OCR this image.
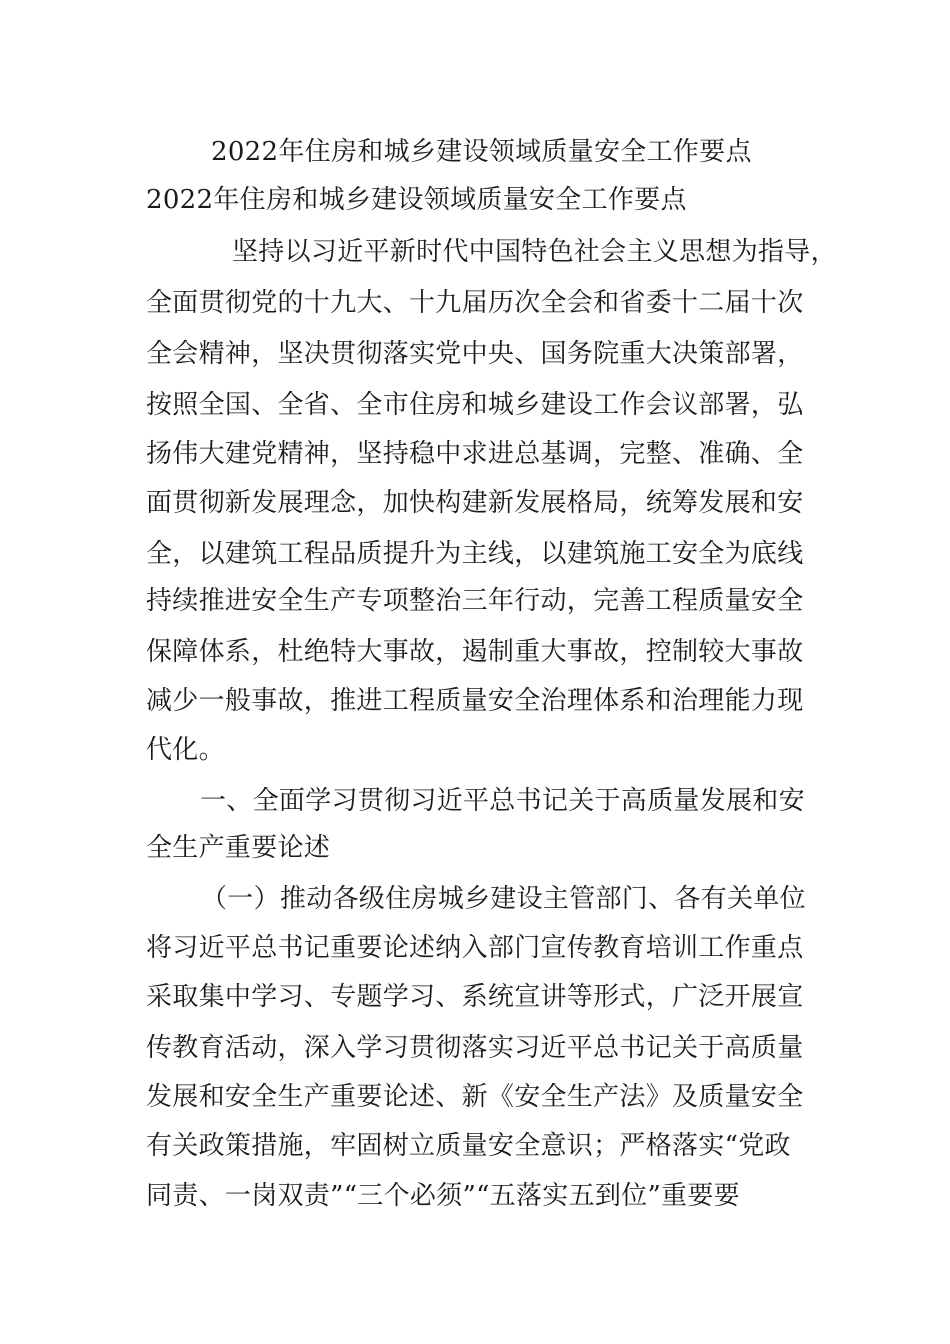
2022年住房和城乡建设领域质量安全工作要点
2022年住房和城乡建设领域质量安全工作要点
坚持以习近平新时代中国特色社会主义思想为指导，
全面贯彻党的十九大、十九届历次全会和省委十二届十次
全会精神，坚决贯彻落实党中央、国务院重大决策部署，
按照全国、全省、全市住房和城乡建设工作会议部署，弘
扬伟大建党精神，坚持稳中求进总基调，完整、准确、全
面贯彻新发展理念，加快构建新发展格局，统筹发展和安
全，以建筑工程品质提升为主线，以建筑施工安全为底线
持续推进安全生产专项整治三年行动，完善工程质量安全
保障体系，杜绝特大事故，遏制重大事故，控制较大事故
减少一般事故，推进工程质量安全治理体系和治理能力现
代化。
一、全面学习贯彻习近平总书记关于高质量发展和安
全生产重要论述
（一）推动各级住房城乡建设主管部门、各有关单位
将习近平总书记重要论述纳入部门宣传教育培训工作重点
采取集中学习、专题学习、系统宣讲等形式，广泛开展宣
传教育活动，深入学习贯彻落实习近平总书记关于高质量
发展和安全生产重要论述、新《安全生产法》及质量安全
有关政策措施，牢固树立质量安全意识；严格落实“党政
同责、一岗双责”“三个必须”“五落实五到位”重要要
